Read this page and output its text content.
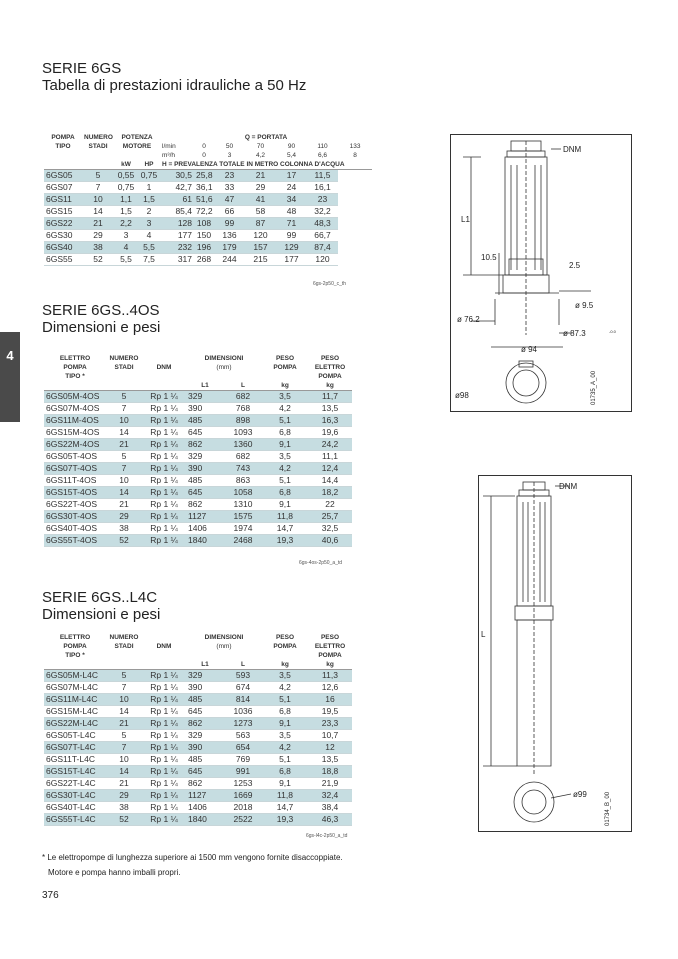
4
SERIE 6GS
Tabella di prestazioni idrauliche a 50 Hz
POMPA	NUMERO	POTENZA		Q = PORTATA						
TIPO	STADI	MOTORE		l/min	0	50	70	90	110	133
				m³/h	0	3	4,2	5,4	6,6	8
		kW	HP	H = PREVALENZA TOTALE IN METRO COLONNA D'ACQUA						
6GS05	5	0,55	0,75	30,5	25,8	23	21	17	11,5	
6GS07	7	0,75	1	42,7	36,1	33	29	24	16,1	
6GS11	10	1,1	1,5	61	51,6	47	41	34	23	
6GS15	14	1,5	2	85,4	72,2	66	58	48	32,2	
6GS22	21	2,2	3	128	108	99	87	71	48,3	
6GS30	29	3	4	177	150	136	120	99	66,7	
6GS40	38	4	5,5	232	196	179	157	129	87,4	
6GS55	52	5,5	7,5	317	268	244	215	177	120	
6gs-2p50_c_th
SERIE 6GS..4OS
Dimensioni e pesi
ELETTRO	NUMERO		DIMENSIONI		PESO	PESO
POMPA	STADI	DNM	(mm)		POMPA	ELETTRO
TIPO *						POMPA
			L1	L	kg	kg
6GS05M-4OS	5	Rp 1 ¼	329	682	3,5	11,7
6GS07M-4OS	7	Rp 1 ¼	390	768	4,2	13,5
6GS11M-4OS	10	Rp 1 ¼	485	898	5,1	16,3
6GS15M-4OS	14	Rp 1 ¼	645	1093	6,8	19,6
6GS22M-4OS	21	Rp 1 ¼	862	1360	9,1	24,2
6GS05T-4OS	5	Rp 1 ¼	329	682	3,5	11,1
6GS07T-4OS	7	Rp 1 ¼	390	743	4,2	12,4
6GS11T-4OS	10	Rp 1 ¼	485	863	5,1	14,4
6GS15T-4OS	14	Rp 1 ¼	645	1058	6,8	18,2
6GS22T-4OS	21	Rp 1 ¼	862	1310	9,1	22
6GS30T-4OS	29	Rp 1 ¼	1127	1575	11,8	25,7
6GS40T-4OS	38	Rp 1 ¼	1406	1974	14,7	32,5
6GS55T-4OS	52	Rp 1 ¼	1840	2468	19,3	40,6
6gs-4os-2p50_a_td
SERIE 6GS..L4C
Dimensioni e pesi
ELETTRO	NUMERO		DIMENSIONI		PESO	PESO
POMPA	STADI	DNM	(mm)		POMPA	ELETTRO
TIPO *						POMPA
			L1	L	kg	kg
6GS05M-L4C	5	Rp 1 ¼	329	593	3,5	11,3
6GS07M-L4C	7	Rp 1 ¼	390	674	4,2	12,6
6GS11M-L4C	10	Rp 1 ¼	485	814	5,1	16
6GS15M-L4C	14	Rp 1 ¼	645	1036	6,8	19,5
6GS22M-L4C	21	Rp 1 ¼	862	1273	9,1	23,3
6GS05T-L4C	5	Rp 1 ¼	329	563	3,5	10,7
6GS07T-L4C	7	Rp 1 ¼	390	654	4,2	12
6GS11T-L4C	10	Rp 1 ¼	485	769	5,1	13,5
6GS15T-L4C	14	Rp 1 ¼	645	991	6,8	18,8
6GS22T-L4C	21	Rp 1 ¼	862	1253	9,1	21,9
6GS30T-L4C	29	Rp 1 ¼	1127	1669	11,8	32,4
6GS40T-L4C	38	Rp 1 ¼	1406	2018	14,7	38,4
6GS55T-L4C	52	Rp 1 ¼	1840	2522	19,3	46,3
6gs-l4c-2p50_a_td
DNM
L1
10.5
2.5
ø 9.5
ø 76.2
ø 87.3	-0.0
ø 94
ø98	01735_A_00
DNM
L
ø99	01734_B_00
* Le elettropompe di lunghezza superiore ai 1500 mm vengono fornite disaccoppiate.
Motore e pompa hanno imballi propri.
376
